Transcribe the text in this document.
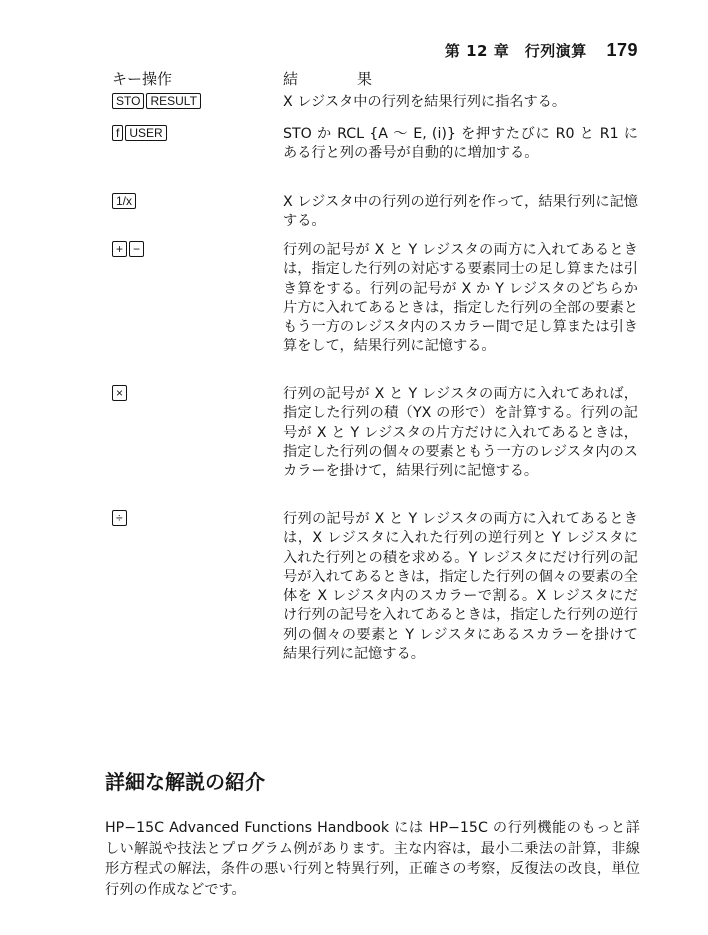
第 12 章　行列演算 179
キー操作	結　果
STO RESULT	X レジスタ中の行列を結果行列に指名する。
f USER	STO か RCL {A ～ E, (i)} を押すたびに R0 と R1 にある行と列の番号が自動的に増加する。
1/x	X レジスタ中の行列の逆行列を作って，結果行列に記憶する。
+ −	行列の記号が X と Y レジスタの両方に入れてあるときは，指定した行列の対応する要素同士の足し算または引き算をする。行列の記号が X か Y レジスタのどちらか片方に入れてあるときは，指定した行列の全部の要素ともう一方のレジスタ内のスカラー間で足し算または引き算をして，結果行列に記憶する。
×	行列の記号が X と Y レジスタの両方に入れてあれば，指定した行列の積（YX の形で）を計算する。行列の記号が X と Y レジスタの片方だけに入れてあるときは，指定した行列の個々の要素ともう一方のレジスタ内のスカラーを掛けて，結果行列に記憶する。
÷	行列の記号が X と Y レジスタの両方に入れてあるときは，X レジスタに入れた行列の逆行列と Y レジスタに入れた行列との積を求める。Y レジスタにだけ行列の記号が入れてあるときは，指定した行列の個々の要素の全体を X レジスタ内のスカラーで割る。X レジスタにだけ行列の記号を入れてあるときは，指定した行列の逆行列の個々の要素と Y レジスタにあるスカラーを掛けて結果行列に記憶する。
詳細な解説の紹介
HP−15C Advanced Functions Handbook には HP−15C の行列機能のもっと詳しい解説や技法とプログラム例があります。主な内容は，最小二乗法の計算，非線形方程式の解法，条件の悪い行列と特異行列，正確さの考察，反復法の改良，単位行列の作成などです。
